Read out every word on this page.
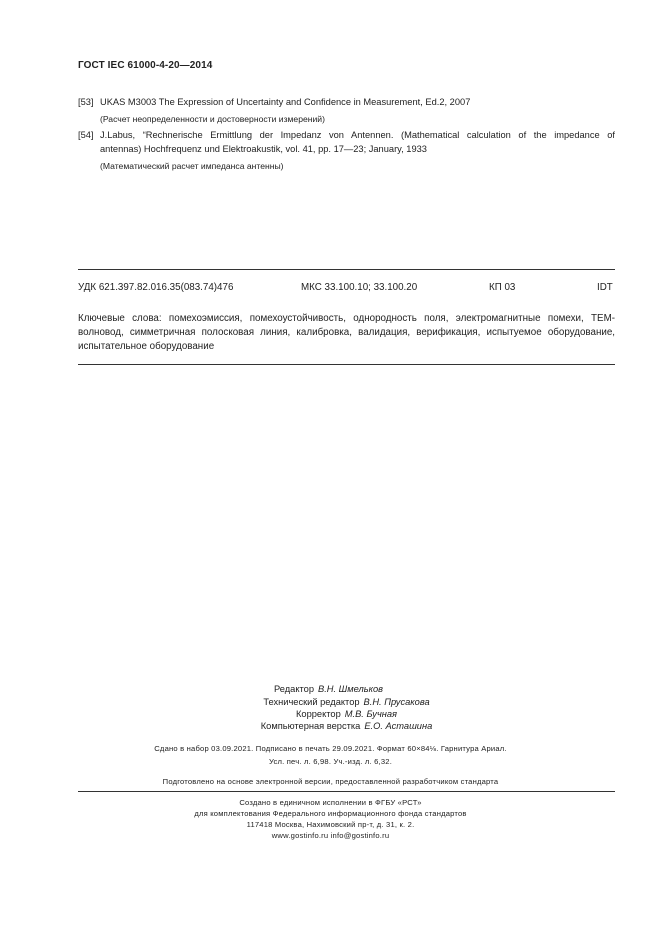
ГОСТ IEC 61000-4-20—2014
[53] UKAS M3003 The Expression of Uncertainty and Confidence in Measurement, Ed.2, 2007
(Расчет неопределенности и достоверности измерений)
[54] J.Labus, “Rechnerische Ermittlung der Impedanz von Antennen. (Mathematical calculation of the impedance of
antennas) Hochfrequenz und Elektroakustik, vol. 41, pp. 17—23; January, 1933
(Математический расчет импеданса антенны)
УДК 621.397.82.016.35(083.74)476	МКС 33.100.10; 33.100.20	КП 03	IDT
Ключевые слова: помехоэмиссия, помехоустойчивость, однородность поля, электромагнитные помехи, ТЕМ-волновод, симметричная полосковая линия, калибровка, валидация, верификация, испытуемое оборудование, испытательное оборудование
Редактор В.Н. Шмельков
Технический редактор В.Н. Прусакова
Корректор М.В. Бучная
Компьютерная верстка Е.О. Асташина
Сдано в набор 03.09.2021. Подписано в печать 29.09.2021. Формат 60×84⅛. Гарнитура Ариал.
Усл. печ. л. 6,98. Уч.-изд. л. 6,32.
Подготовлено на основе электронной версии, предоставленной разработчиком стандарта
Создано в единичном исполнении в ФГБУ «РСТ»
для комплектования Федерального информационного фонда стандартов
117418 Москва, Нахимовский пр-т, д. 31, к. 2.
www.gostinfo.ru info@gostinfo.ru
